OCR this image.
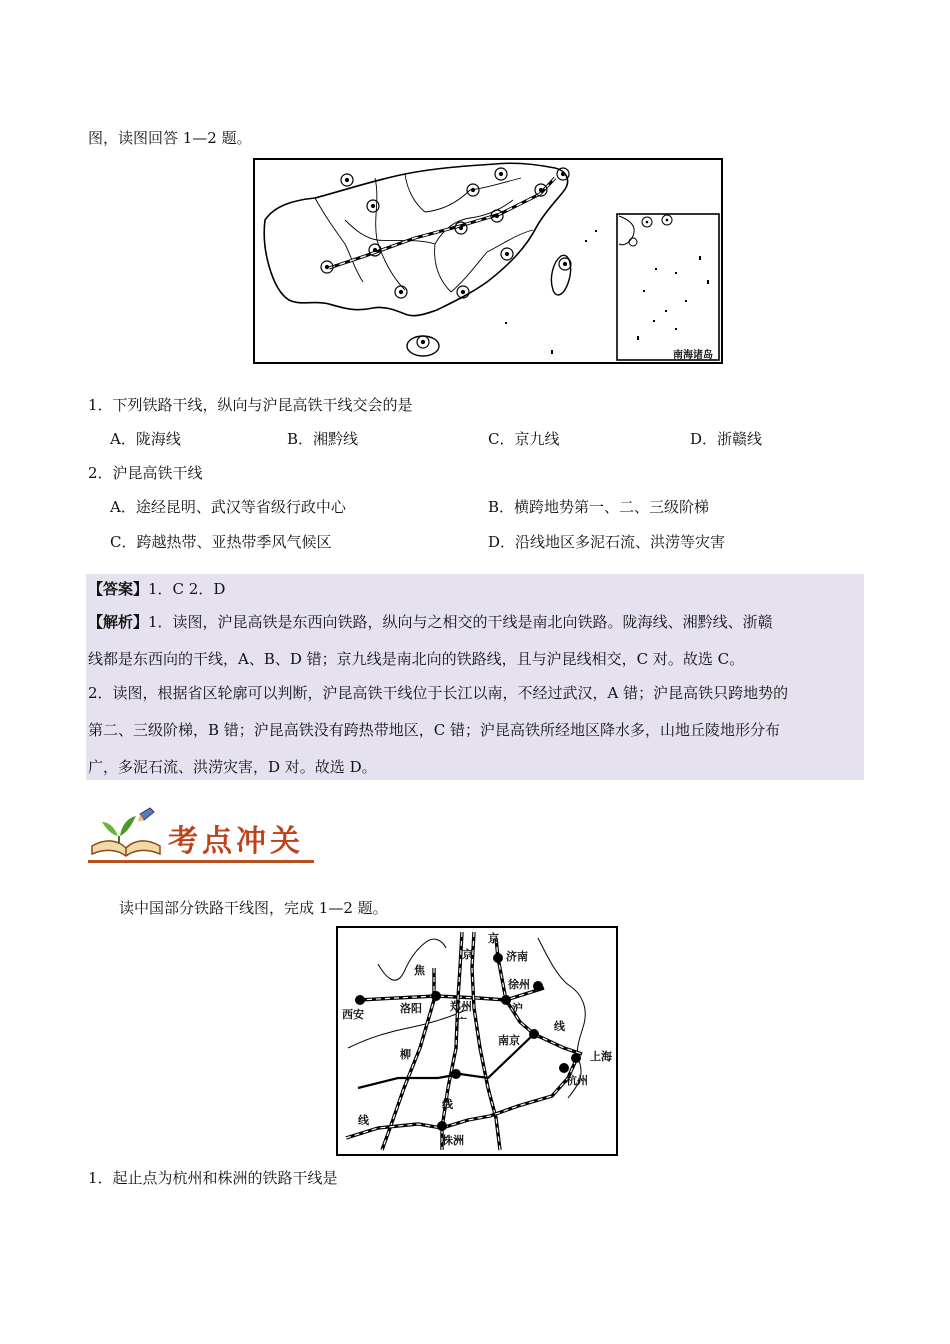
图，读图回答 1—2 题。
南海诸岛
1．下列铁路干线，纵向与沪昆高铁干线交会的是
A．陇海线	B．湘黔线	C．京九线	D．浙赣线
2．沪昆高铁干线
A．途经昆明、武汉等省级行政中心	B．横跨地势第一、二、三级阶梯
C．跨越热带、亚热带季风气候区	D．沿线地区多泥石流、洪涝等灾害
【答案】1．C 2．D
【解析】1．读图，沪昆高铁是东西向铁路，纵向与之相交的干线是南北向铁路。陇海线、湘黔线、浙赣
线都是东西向的干线，A、B、D 错；京九线是南北向的铁路线，且与沪昆线相交，C 对。故选 C。
2．读图，根据省区轮廓可以判断，沪昆高铁干线位于长江以南，不经过武汉，A 错；沪昆高铁只跨地势的
第二、三级阶梯，B 错；沪昆高铁没有跨热带地区，C 错；沪昆高铁所经地区降水多，山地丘陵地形分布
广，多泥石流、洪涝灾害，D 对。故选 D。
考点冲关
读中国部分铁路干线图，完成 1—2 题。
京
济南
焦
京
徐州
西安	洛阳	郑州	沪
广	线
南京
柳	上海
杭州
线
线
株洲
1．起止点为杭州和株洲的铁路干线是
